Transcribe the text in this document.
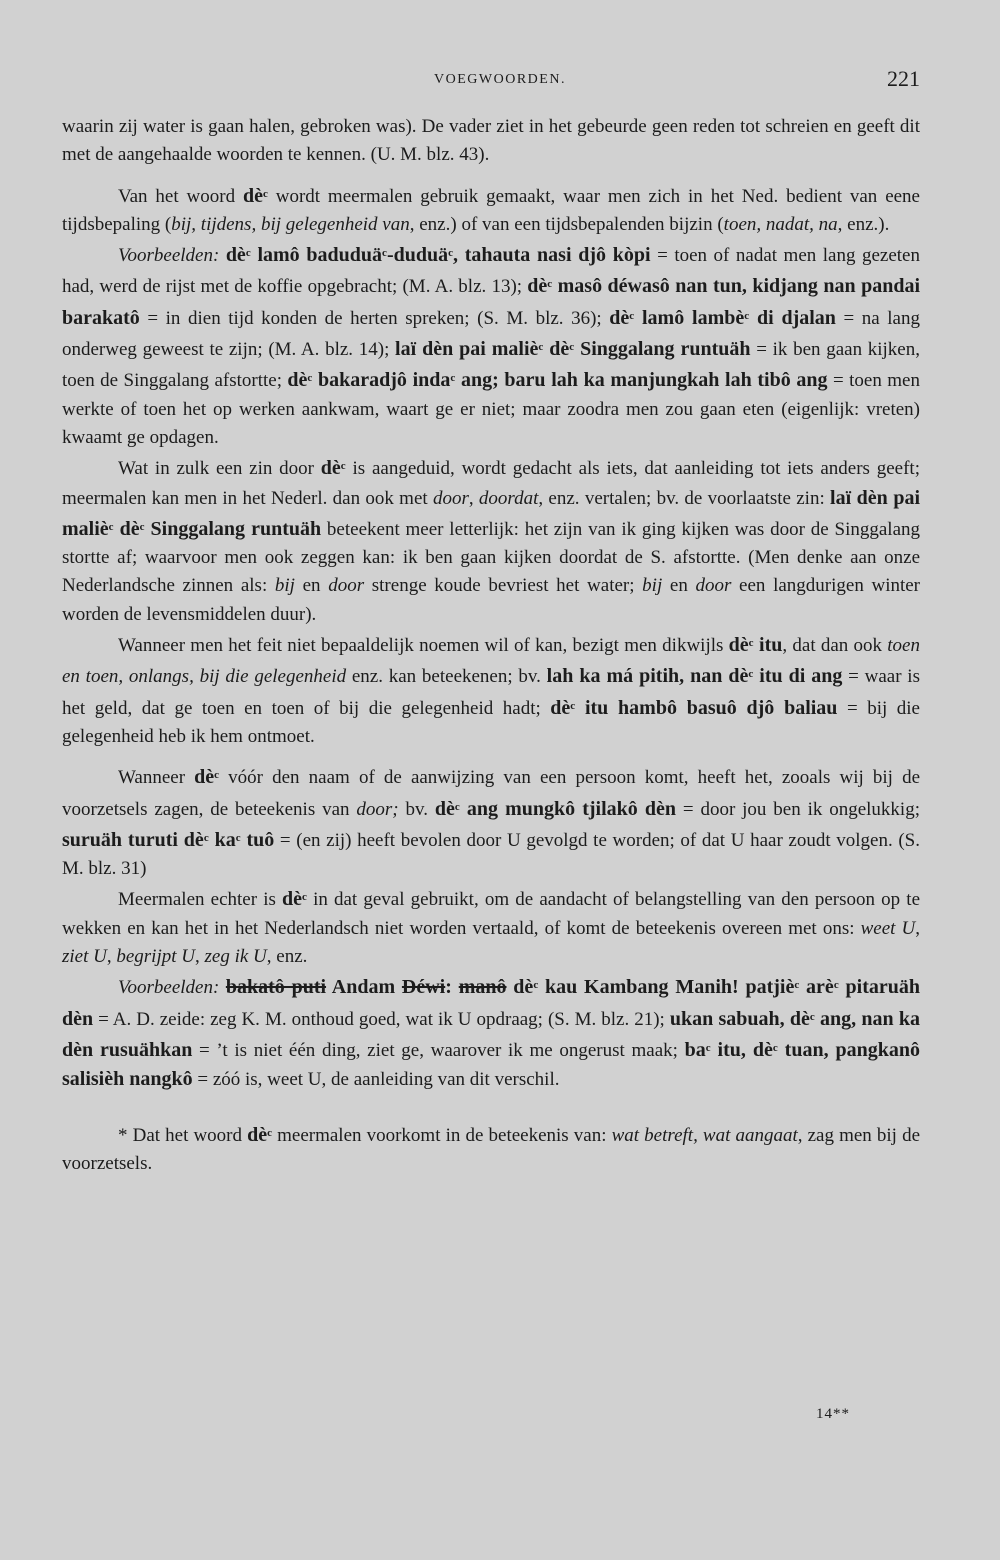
VOEGWOORDEN.	221

waarin zij water is gaan halen, gebroken was). De vader ziet in het gebeurde geen reden tot schreien en geeft dit met de aangehaalde woorden te kennen. (U. M. blz. 43).

Van het woord $dè^c$ wordt meermalen gebruik gemaakt, waar men zich in het Ned. bedient van eene tijdsbepaling (bij, tijdens, bij gelegenheid van, enz.) of van een tijdsbepalenden bijzin (toen, nadat, na, enz.).

Voorbeelden: $dè^c$ lamô baduduä$^c$-duduä$^c$, tahauta nasi djô kòpi = toen of nadat men lang gezeten had, werd de rijst met de koffie opgebracht; (M. A. blz. 13); $dè^c$ masô déwasô nan tun, kidjang nan pandai barakatô = in dien tijd konden de herten spreken; (S. M. blz. 36); $dè^c$ lamô lambè$^c$ di djalan = na lang onderweg geweest te zijn; (M. A. blz. 14); laï dèn pai maliè$^c$ $dè^c$ Singgalang runtuäh = ik ben gaan kijken, toen de Singgalang afstortte; $dè^c$ bakaradjô inda$^c$ ang; baru lah ka manjungkah lah tibô ang = toen men werkte of toen het op werken aankwam, waart ge er niet; maar zoodra men zou gaan eten (eigenlijk: vreten) kwaamt ge opdagen.

Wat in zulk een zin door $dè^c$ is aangeduid, wordt gedacht als iets, dat aanleiding tot iets anders geeft; meermalen kan men in het Nederl. dan ook met door, doordat, enz. vertalen; bv. de voorlaatste zin: laï dèn pai maliè$^c$ $dè^c$ Singgalang runtuäh beteekent meer letterlijk: het zijn van ik ging kijken was door de Singgalang stortte af; waarvoor men ook zeggen kan: ik ben gaan kijken doordat de S. afstortte. (Men denke aan onze Nederlandsche zinnen als: bij en door strenge koude bevriest het water; bij en door een langdurigen winter worden de levensmiddelen duur).

Wanneer men het feit niet bepaaldelijk noemen wil of kan, bezigt men dikwijls $dè^c$ itu, dat dan ook toen en toen, onlangs, bij die gelegenheid enz. kan beteekenen; bv. lah ka má pitih, nan $dè^c$ itu di ang = waar is het geld, dat ge toen en toen of bij die gelegenheid hadt; $dè^c$ itu hambô basuô djô baliau = bij die gelegenheid heb ik hem ontmoet.

Wanneer $dè^c$ vóór den naam of de aanwijzing van een persoon komt, heeft het, zooals wij bij de voorzetsels zagen, de beteekenis van door; bv. $dè^c$ ang mungkô tjilakô dèn = door jou ben ik ongelukkig; suruäh turuti $dè^c$ $ka^c$ tuô = (en zij) heeft bevolen door U gevolgd te worden; of dat U haar zoudt volgen. (S. M. blz. 31)

Meermalen echter is $dè^c$ in dat geval gebruikt, om de aandacht of belangstelling van den persoon op te wekken en kan het in het Nederlandsch niet worden vertaald, of komt de beteekenis overeen met ons: weet U, ziet U, begrijpt U, zeg ik U, enz.

Voorbeelden: bakatô puti Andam Déwi: manô $dè^c$ kau Kambang Manih! patjiè$^c$ arè$^c$ pitaruäh dèn = A. D. zeide: zeg K. M. onthoud goed, wat ik U opdraag; (S. M. blz. 21); ukan sabuah, $dè^c$ ang, nan ka dèn rusuähkan = ’t is niet één ding, ziet ge, waarover ik me ongerust maak; $ba^c$ itu, $dè^c$ tuan, pangkanô salisièh nangkô = zóó is, weet U, de aanleiding van dit verschil.

* Dat het woord $dè^c$ meermalen voorkomt in de beteekenis van: wat betreft, wat aangaat, zag men bij de voorzetsels.

14**
